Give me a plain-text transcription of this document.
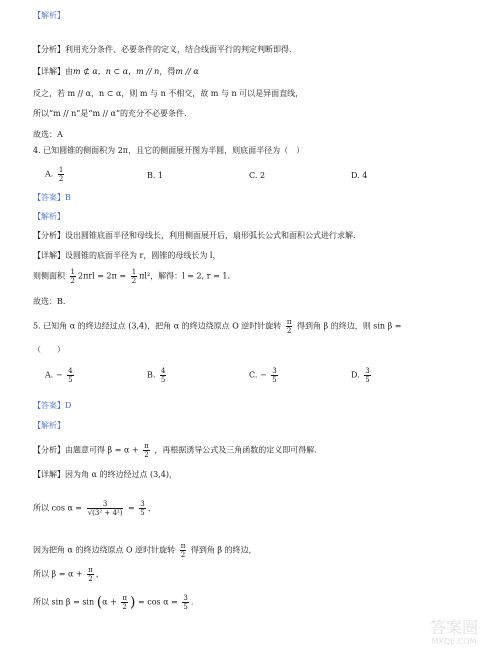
【解析】
【分析】利用充分条件、必要条件的定义，结合线面平行的判定判断即得.
【详解】由m ⊄ α，n ⊂ α，m // n，得m // α
反之，若 m // α，n ⊂ α，则 m 与 n 不相交，故 m 与 n 可以是异面直线，
所以“m // n”是“m // α”的充分不必要条件.
故选：A
4. 已知圆锥的侧面积为 2π，且它的侧面展开图为半圆，则底面半径为（　）
A. $\frac{1}{2}$	B. 1	C. 2	D. 4
【答案】B
【解析】
【分析】设出圆锥底面半径和母线长，利用侧面展开后，扇形弧长公式和面积公式进行求解.
【详解】设圆锥的底面半径为 r，圆锥的母线长为 l，
则侧面积 $\frac{1}{2} 2\pi rl = 2\pi = \frac{1}{2} \pi l^2$，解得：l = 2, r = 1.
故选：B.
5. 已知角 α 的终边经过点 (3,4)，把角 α 的终边绕原点 O 逆时针旋转 $\frac{\pi}{2}$ 得到角 β 的终边，则 sin β =
（　　）
A. − $\frac{4}{5}$	B. $\frac{4}{5}$	C. − $\frac{3}{5}$	D. $\frac{3}{5}$
【答案】D
【解析】
【分析】由题意可得 $\beta = \alpha + \frac{\pi}{2}$ ，再根据诱导公式及三角函数的定义即可得解.
【详解】因为角 α 的终边经过点 (3,4)，
所以 $\cos \alpha = \frac{3}{\text{√(3² + 4²)}} = \frac{3}{5}$ ，
因为把角 α 的终边绕原点 O 逆时针旋转 $\frac{\pi}{2}$ 得到角 β 的终边，
所以 $\beta = \alpha + \frac{\pi}{2}$ ，
所以 $\sin \beta = \sin (\alpha + \frac{\pi}{2}$ ) = $\cos \alpha = \frac{3}{5}$ .
答案圈
MXQE.COM
